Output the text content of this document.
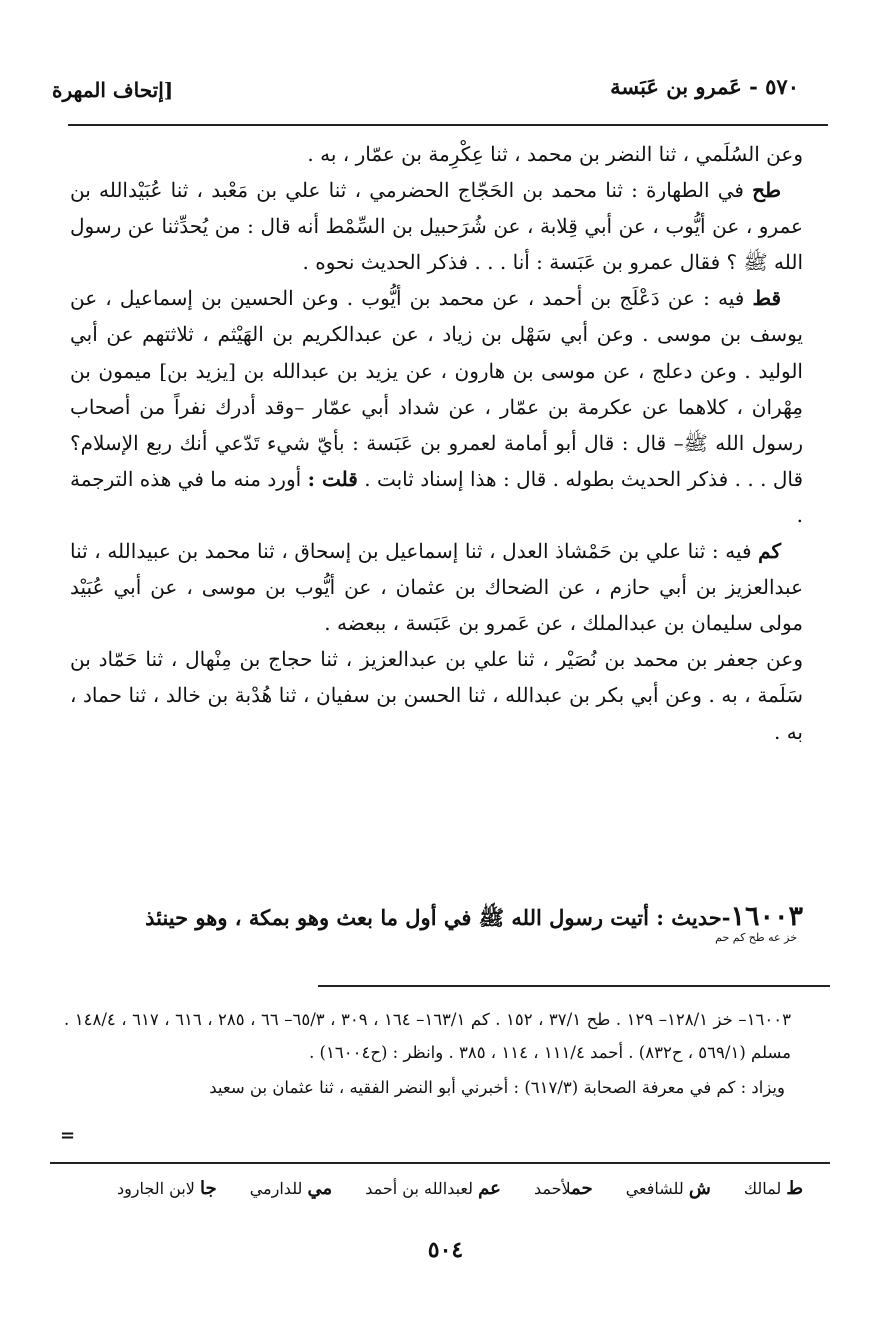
٥٧٠ - عَمرو بن عَبَسة
[إتحاف المهرة

وعن السُلَمي ، ثنا النضر بن محمد ، ثنا عِكْرِمة بن عمّار ، به .

طح في الطهارة : ثنا محمد بن الحَجّاج الحضرمي ، ثنا علي بن مَعْبد ، ثنا عُبَيْدالله بن عمرو ، عن أيُّوب ، عن أبي قِلابة ، عن شُرَحبيل بن السِّمْط أنه قال : من يُحدِّثنا عن رسول الله ﷺ ؟ فقال عمرو بن عَبَسة : أنا . . . فذكر الحديث نحوه .

قط فيه : عن دَعْلَج بن أحمد ، عن محمد بن أيُّوب . وعن الحسين بن إسماعيل ، عن يوسف بن موسى . وعن أبي سَهْل بن زياد ، عن عبدالكريم بن الهَيْثم ، ثلاثتهم عن أبي الوليد . وعن دعلج ، عن موسى بن هارون ، عن يزيد بن عبدالله بن [يزيد بن] ميمون بن مِهْران ، كلاهما عن عكرمة بن عمّار ، عن شداد أبي عمّار –وقد أدرك نفراً من أصحاب رسول الله ﷺ– قال : قال أبو أمامة لعمرو بن عَبَسة : بأيّ شيء تَدّعي أنك ربع الإسلام؟ قال . . . فذكر الحديث بطوله . قال : هذا إسناد ثابت . قلت : أورد منه ما في هذه الترجمة .

كم فيه : ثنا علي بن حَمْشاذ العدل ، ثنا إسماعيل بن إسحاق ، ثنا محمد بن عبيدالله ، ثنا عبدالعزيز بن أبي حازم ، عن الضحاك بن عثمان ، عن أيُّوب بن موسى ، عن أبي عُبَيْد مولى سليمان بن عبدالملك ، عن عَمرو بن عَبَسة ، ببعضه .

وعن جعفر بن محمد بن نُصَيْر ، ثنا علي بن عبدالعزيز ، ثنا حجاج بن مِنْهال ، ثنا حَمّاد بن سَلَمة ، به . وعن أبي بكر بن عبدالله ، ثنا الحسن بن سفيان ، ثنا هُدْبة بن خالد ، ثنا حماد ، به .

١٦٠٠٣-حديث : أتيت رسول الله ﷺ في أول ما بعث وهو بمكة ، وهو حينئذ
خز عه طح كم حم

١٦٠٠٣– خز ١٢٨/١– ١٢٩ . طح ٣٧/١ ، ١٥٢ . كم ١٦٣/١– ١٦٤ ، ٣٠٩ ، ٦٥/٣– ٦٦ ، ٢٨٥ ، ٦١٦ ، ٦١٧ ، ١٤٨/٤ . مسلم (٥٦٩/١ ، ح٨٣٢) . أحمد ١١١/٤ ، ١١٤ ، ٣٨٥ . وانظر : (ح١٦٠٠٤) .

ويزاد : كم في معرفة الصحابة (٦١٧/٣) : أخبرني أبو النضر الفقيه ، ثنا عثمان بن سعيد

=
ط لمالك ش للشافعي حملأحمد عم لعبدالله بن أحمد مي للدارمي جا لابن الجارود
٥٠٤
